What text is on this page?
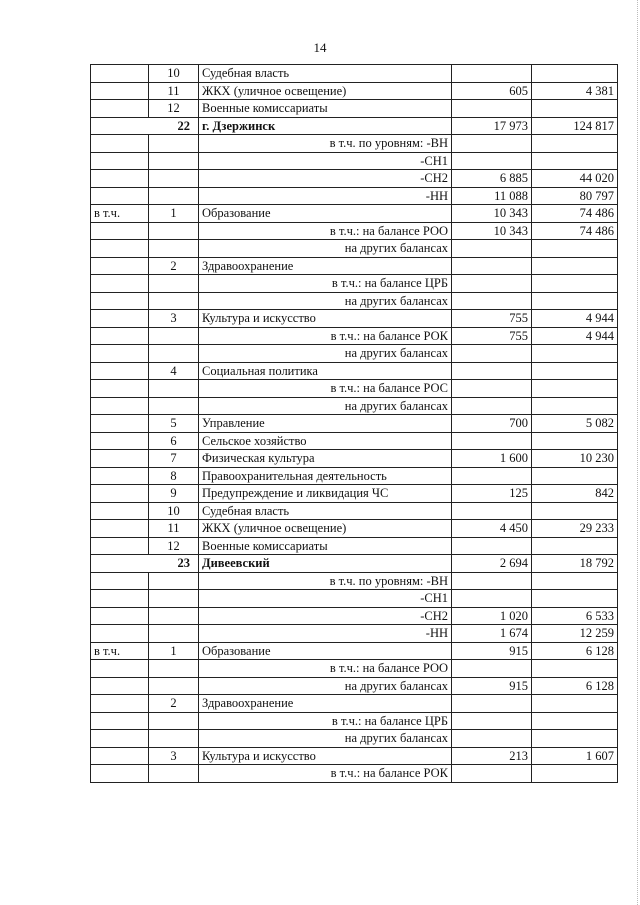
14
	10	Судебная власть		
	11	ЖКХ (уличное освещение)	605	4 381
	12	Военные комиссариаты		
22		г. Дзержинск	17 973	124 817
		в т.ч. по уровням: -ВН		
		-СН1		
		-СН2	6 885	44 020
		-НН	11 088	80 797
в т.ч.	1	Образование	10 343	74 486
		в т.ч.: на балансе РОО	10 343	74 486
		на других балансах		
	2	Здравоохранение		
		в т.ч.: на балансе ЦРБ		
		на других балансах		
	3	Культура и искусство	755	4 944
		в т.ч.: на балансе РОК	755	4 944
		на других балансах		
	4	Социальная политика		
		в т.ч.: на балансе РОС		
		на других балансах		
	5	Управление	700	5 082
	6	Сельское хозяйство		
	7	Физическая культура	1 600	10 230
	8	Правоохранительная деятельность		
	9	Предупреждение и ликвидация ЧС	125	842
	10	Судебная власть		
	11	ЖКХ (уличное освещение)	4 450	29 233
	12	Военные комиссариаты		
23		Дивеевский	2 694	18 792
		в т.ч. по уровням: -ВН		
		-СН1		
		-СН2	1 020	6 533
		-НН	1 674	12 259
в т.ч.	1	Образование	915	6 128
		в т.ч.: на балансе РОО		
		на других балансах	915	6 128
	2	Здравоохранение		
		в т.ч.: на балансе ЦРБ		
		на других балансах		
	3	Культура и искусство	213	1 607
		в т.ч.: на балансе РОК		
